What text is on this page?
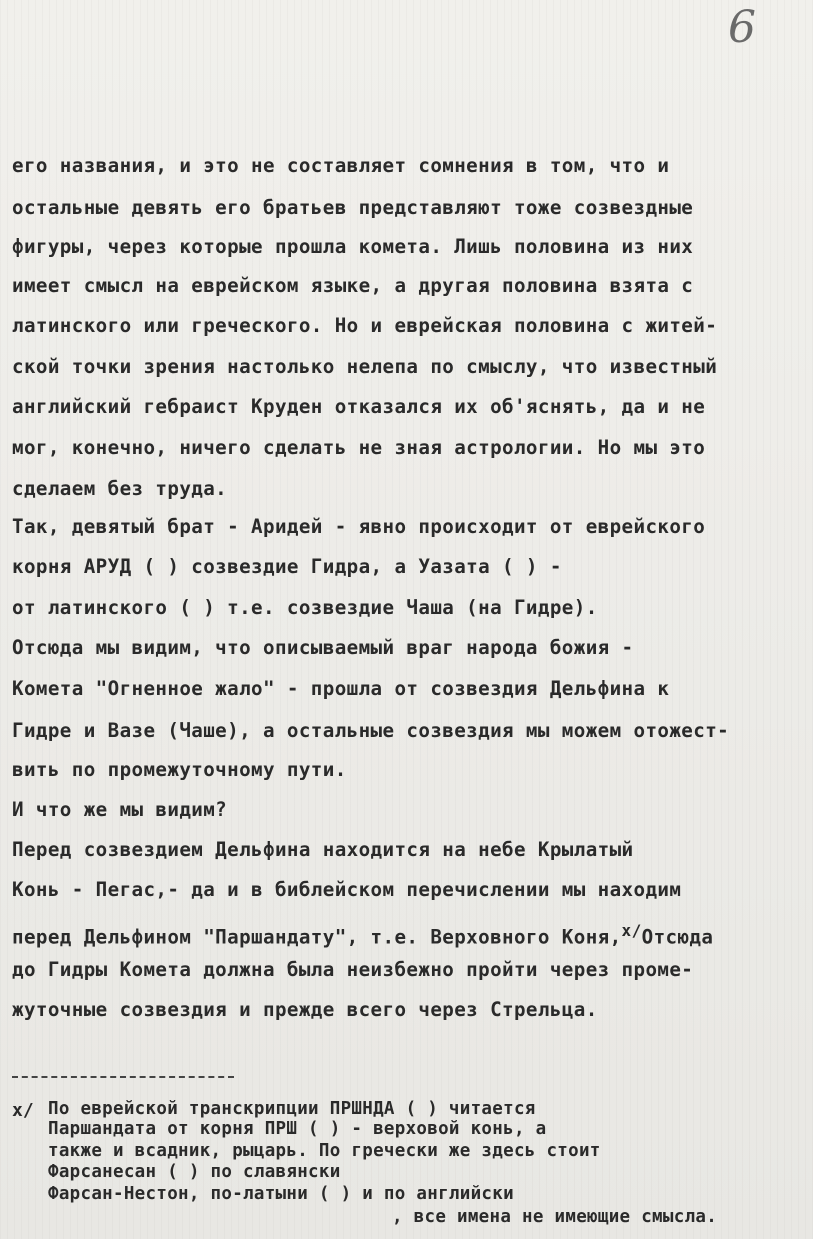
6
его названия, и это не составляет сомнения в том, что и
остальные девять его братьев представляют тоже созвездные
фигуры, через которые прошла комета. Лишь половина из них
имеет смысл на еврейском языке, а другая половина взята с
латинского или греческого. Но и еврейская половина с житей-
ской точки зрения настолько нелепа по смыслу, что известный
английский гебраист Круден отказался их об'яснять, да и не
мог, конечно, ничего сделать не зная астрологии. Но мы это
сделаем без труда.
Так, девятый брат - Аридей - явно происходит от еврейского
корня АРУД ( ) созвездие Гидра, а Уазата ( ) -
от латинского ( ) т.е. созвездие Чаша (на Гидре).
Отсюда мы видим, что описываемый враг народа божия -
Комета "Огненное жало" - прошла от созвездия Дельфина к
Гидре и Вазе (Чаше), а остальные созвездия мы можем отожест-
вить по промежуточному пути.
И что же мы видим?
Перед созвездием Дельфина находится на небе Крылатый
Конь - Пегас,- да и в библейском перечислении мы находим
перед Дельфином "Паршандату", т.е. Верховного Коня,$^{x/}$Отсюда
до Гидры Комета должна была неизбежно пройти через проме-
жуточные созвездия и прежде всего через Стрельца.
x/ По еврейской транскрипции ПРШНДА ( ) читается
Паршандата от корня ПРШ ( ) - верховой конь, а
также и всадник, рыцарь. По гречески же здесь стоит
Фарсанесан ( ) по славянски
Фарсан-Нестон, по-латыни ( ) и по английски
, все имена не имеющие смысла.
